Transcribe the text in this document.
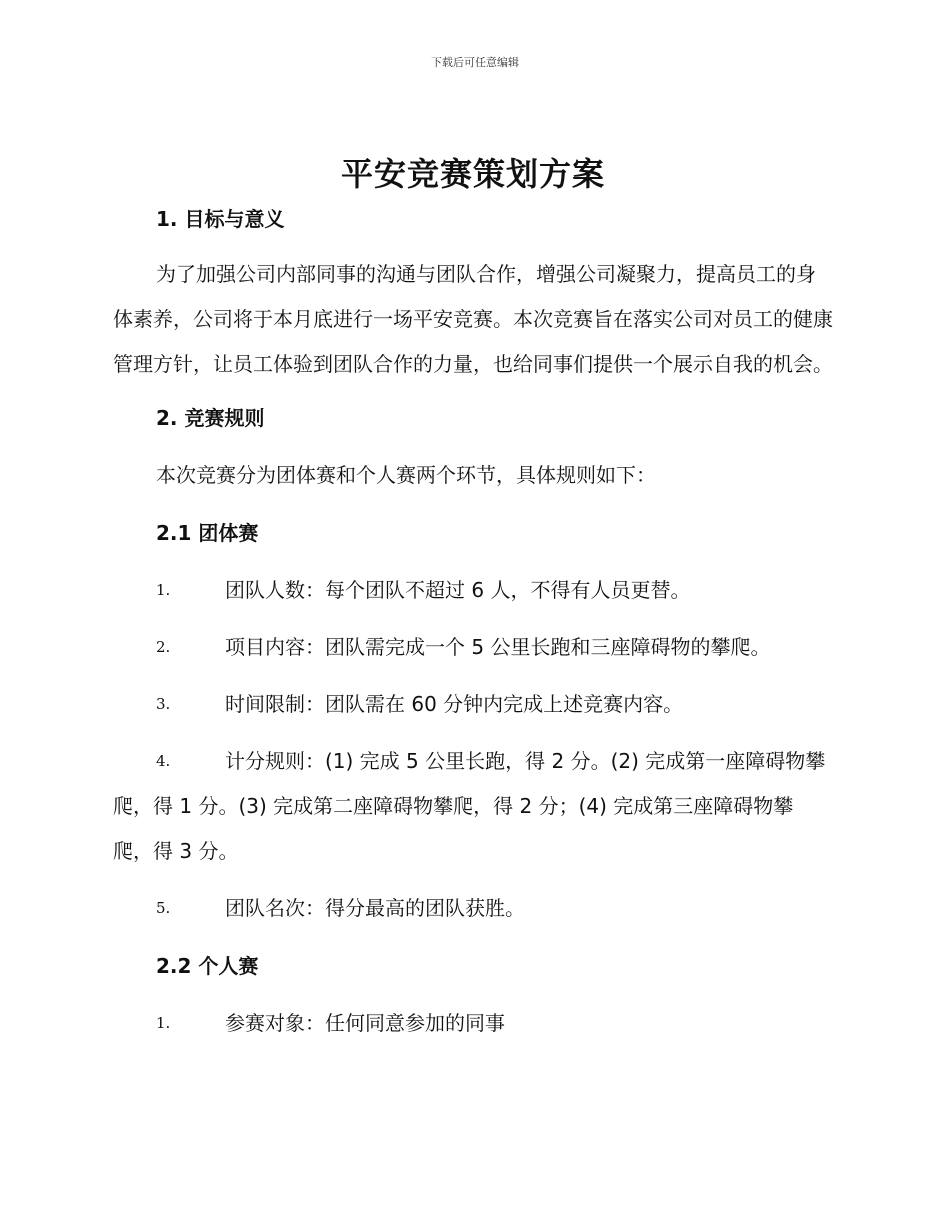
下载后可任意编辑
平安竞赛策划方案
1. 目标与意义

为了加强公司内部同事的沟通与团队合作，增强公司凝聚力，提高员工的身体素养，公司将于本月底进行一场平安竞赛。本次竞赛旨在落实公司对员工的健康管理方针，让员工体验到团队合作的力量，也给同事们提供一个展示自我的机会。

2. 竞赛规则

本次竞赛分为团体赛和个人赛两个环节，具体规则如下：

2.1 团体赛

1.	团队人数：每个团队不超过 6 人，不得有人员更替。

2.	项目内容：团队需完成一个 5 公里长跑和三座障碍物的攀爬。

3.	时间限制：团队需在 60 分钟内完成上述竞赛内容。

4.	计分规则：(1) 完成 5 公里长跑，得 2 分。(2) 完成第一座障碍物攀爬，得 1 分。(3) 完成第二座障碍物攀爬，得 2 分；(4) 完成第三座障碍物攀爬，得 3 分。

5.	团队名次：得分最高的团队获胜。

2.2 个人赛

1.	参赛对象：任何同意参加的同事
